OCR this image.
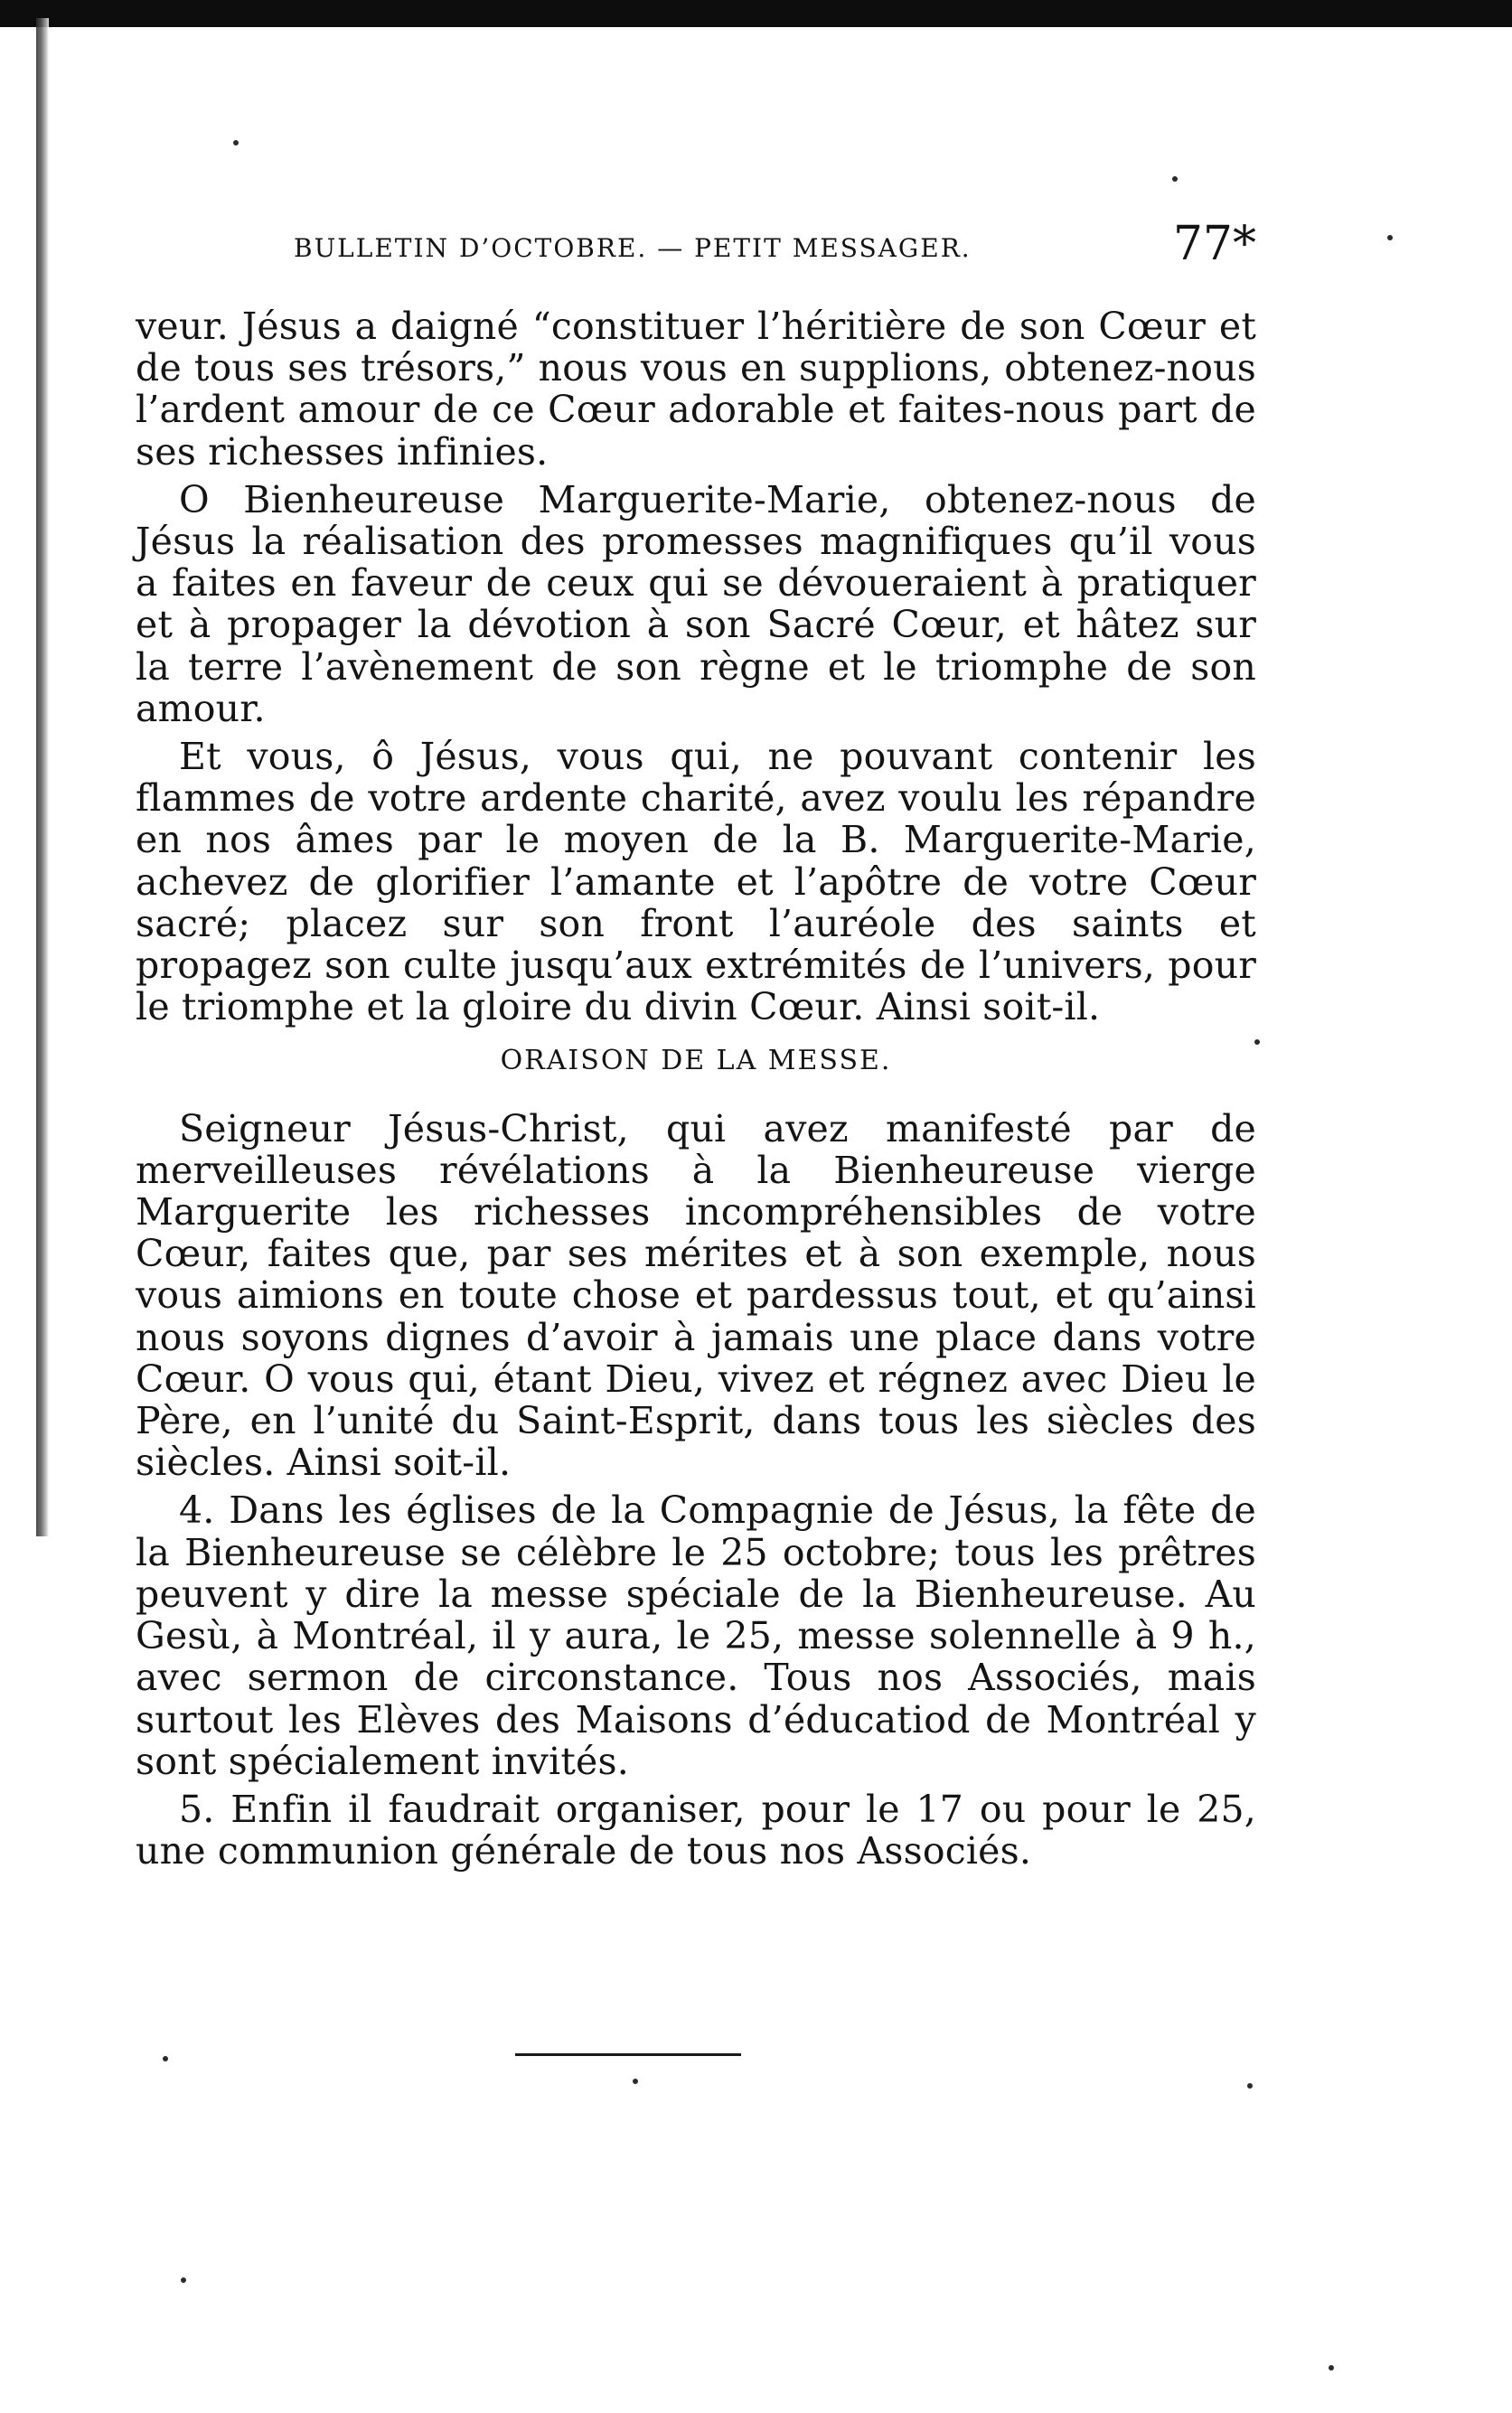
BULLETIN D’OCTOBRE. — PETIT MESSAGER.	77*

veur. Jésus a daigné “constituer l’héritière de son Cœur et de tous ses trésors,” nous vous en supplions, obtenez-nous l’ardent amour de ce Cœur adorable et faites-nous part de ses richesses infinies.

O Bienheureuse Marguerite-Marie, obtenez-nous de Jésus la réalisation des promesses magnifiques qu’il vous a faites en faveur de ceux qui se dévoueraient à pratiquer et à propager la dévotion à son Sacré Cœur, et hâtez sur la terre l’avènement de son règne et le triomphe de son amour.

Et vous, ô Jésus, vous qui, ne pouvant contenir les flammes de votre ardente charité, avez voulu les répandre en nos âmes par le moyen de la B. Marguerite-Marie, achevez de glorifier l’amante et l’apôtre de votre Cœur sacré; placez sur son front l’auréole des saints et propagez son culte jusqu’aux extrémités de l’univers, pour le triomphe et la gloire du divin Cœur. Ainsi soit-il.

ORAISON DE LA MESSE.

Seigneur Jésus-Christ, qui avez manifesté par de merveilleuses révélations à la Bienheureuse vierge Marguerite les richesses incompréhensibles de votre Cœur, faites que, par ses mérites et à son exemple, nous vous aimions en toute chose et pardessus tout, et qu’ainsi nous soyons dignes d’avoir à jamais une place dans votre Cœur. O vous qui, étant Dieu, vivez et régnez avec Dieu le Père, en l’unité du Saint-Esprit, dans tous les siècles des siècles. Ainsi soit-il.

4. Dans les églises de la Compagnie de Jésus, la fête de la Bienheureuse se célèbre le 25 octobre; tous les prêtres peuvent y dire la messe spéciale de la Bienheureuse. Au Gesù, à Montréal, il y aura, le 25, messe solennelle à 9 h., avec sermon de circonstance. Tous nos Associés, mais surtout les Elèves des Maisons d’éducatiod de Montréal y sont spécialement invités.

5. Enfin il faudrait organiser, pour le 17 ou pour le 25, une communion générale de tous nos Associés.
